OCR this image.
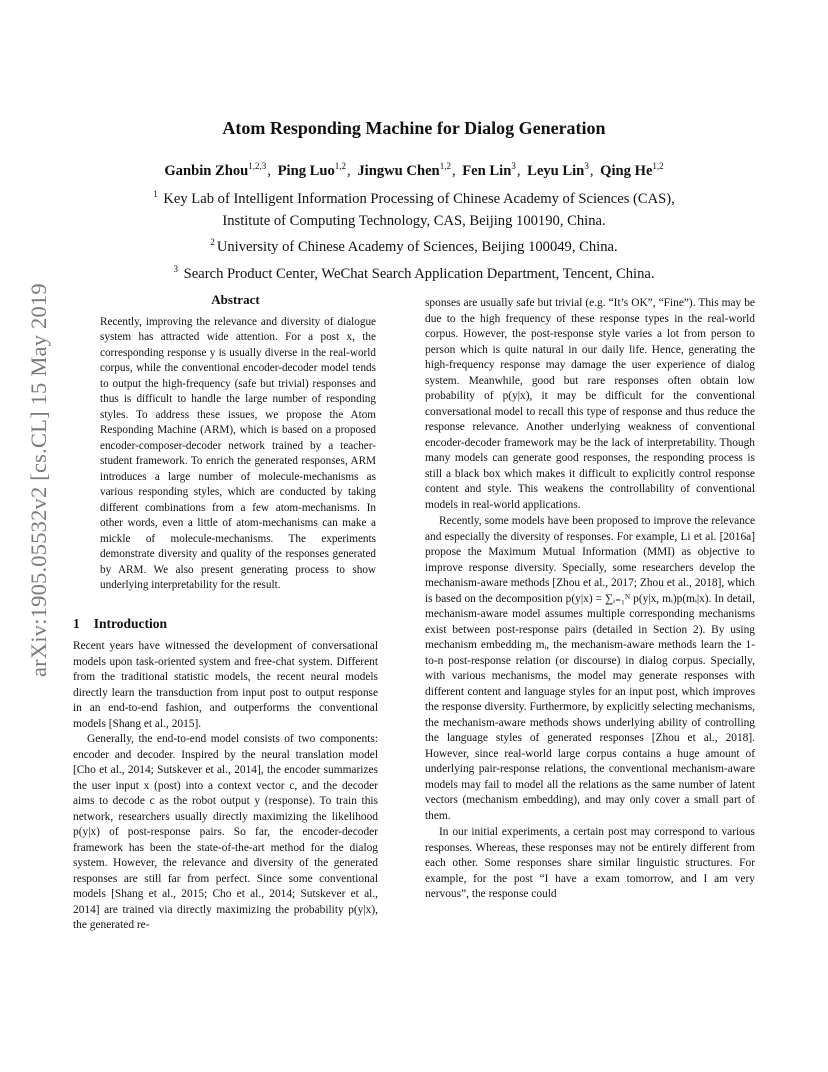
arXiv:1905.05532v2 [cs.CL] 15 May 2019
Atom Responding Machine for Dialog Generation
Ganbin Zhou$^{1,2,3}$, Ping Luo$^{1,2}$, Jingwu Chen$^{1,2}$, Fen Lin$^3$, Leyu Lin$^3$, Qing He$^{1,2}$
$^1$ Key Lab of Intelligent Information Processing of Chinese Academy of Sciences (CAS),
Institute of Computing Technology, CAS, Beijing 100190, China.
$^2$ University of Chinese Academy of Sciences, Beijing 100049, China.
$^3$ Search Product Center, WeChat Search Application Department, Tencent, China.
Abstract

Recently, improving the relevance and diversity of dialogue system has attracted wide attention. For a post x, the corresponding response y is usually diverse in the real-world corpus, while the conventional encoder-decoder model tends to output the high-frequency (safe but trivial) responses and thus is difficult to handle the large number of responding styles. To address these issues, we propose the Atom Responding Machine (ARM), which is based on a proposed encoder-composer-decoder network trained by a teacher-student framework. To enrich the generated responses, ARM introduces a large number of molecule-mechanisms as various responding styles, which are conducted by taking different combinations from a few atom-mechanisms. In other words, even a little of atom-mechanisms can make a mickle of molecule-mechanisms. The experiments demonstrate diversity and quality of the responses generated by ARM. We also present generating process to show underlying interpretability for the result.

1 Introduction

Recent years have witnessed the development of conversational models upon task-oriented system and free-chat system. Different from the traditional statistic models, the recent neural models directly learn the transduction from input post to output response in an end-to-end fashion, and outperforms the conventional models [Shang et al., 2015].

Generally, the end-to-end model consists of two components: encoder and decoder. Inspired by the neural translation model [Cho et al., 2014; Sutskever et al., 2014], the encoder summarizes the user input x (post) into a context vector c, and the decoder aims to decode c as the robot output y (response). To train this network, researchers usually directly maximizing the likelihood p(y|x) of post-response pairs. So far, the encoder-decoder framework has been the state-of-the-art method for the dialog system. However, the relevance and diversity of the generated responses are still far from perfect. Since some conventional models [Shang et al., 2015; Cho et al., 2014; Sutskever et al., 2014] are trained via directly maximizing the probability p(y|x), the generated re-

sponses are usually safe but trivial (e.g. “It’s OK”, “Fine”). This may be due to the high frequency of these response types in the real-world corpus. However, the post-response style varies a lot from person to person which is quite natural in our daily life. Hence, generating the high-frequency response may damage the user experience of dialog system. Meanwhile, good but rare responses often obtain low probability of p(y|x), it may be difficult for the conventional conversational model to recall this type of response and thus reduce the response relevance. Another underlying weakness of conventional encoder-decoder framework may be the lack of interpretability. Though many models can generate good responses, the responding process is still a black box which makes it difficult to explicitly control response content and style. This weakens the controllability of conventional models in real-world applications.

Recently, some models have been proposed to improve the relevance and especially the diversity of responses. For example, Li et al. [2016a] propose the Maximum Mutual Information (MMI) as objective to improve response diversity. Specially, some researchers develop the mechanism-aware methods [Zhou et al., 2017; Zhou et al., 2018], which is based on the decomposition p(y|x) = ∑ᵢ₌₁ᴺ p(y|x, mᵢ)p(mᵢ|x). In detail, mechanism-aware model assumes multiple corresponding mechanisms exist between post-response pairs (detailed in Section 2). By using mechanism embedding mᵢ, the mechanism-aware methods learn the 1-to-n post-response relation (or discourse) in dialog corpus. Specially, with various mechanisms, the model may generate responses with different content and language styles for an input post, which improves the response diversity. Furthermore, by explicitly selecting mechanisms, the mechanism-aware methods shows underlying ability of controlling the language styles of generated responses [Zhou et al., 2018]. However, since real-world large corpus contains a huge amount of underlying pair-response relations, the conventional mechanism-aware models may fail to model all the relations as the same number of latent vectors (mechanism embedding), and may only cover a small part of them.

In our initial experiments, a certain post may correspond to various responses. Whereas, these responses may not be entirely different from each other. Some responses share similar linguistic structures. For example, for the post “I have a exam tomorrow, and I am very nervous”, the response could
